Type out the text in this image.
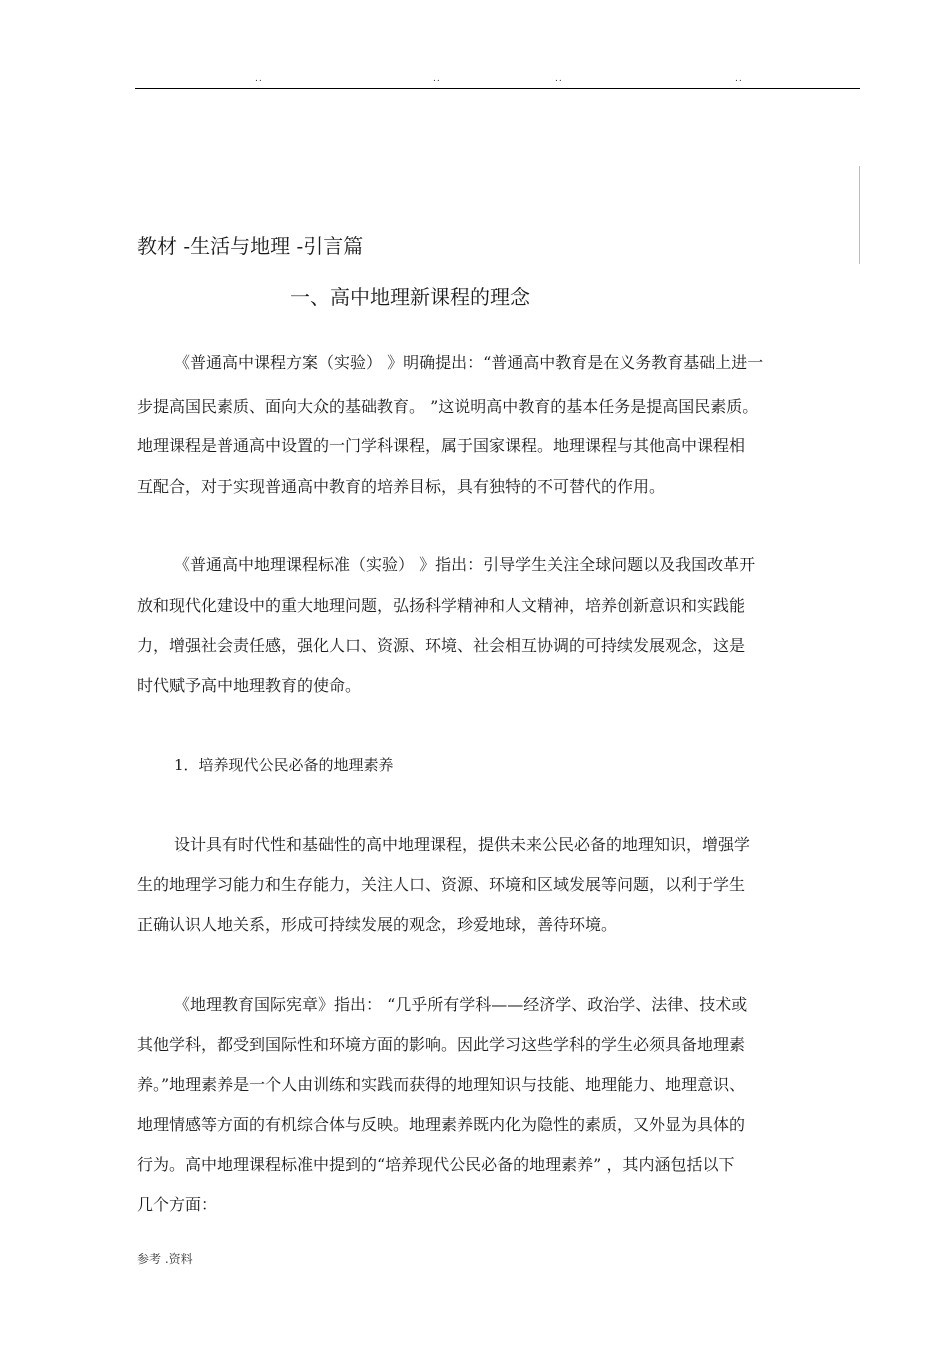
..	..	..	..
教材 -生活与地理 -引言篇
一、高中地理新课程的理念
《普通高中课程方案（实验） 》明确提出：“普通高中教育是在义务教育基础上进一
步提高国民素质、面向大众的基础教育。 ”这说明高中教育的基本任务是提高国民素质。
地理课程是普通高中设置的一门学科课程，属于国家课程。地理课程与其他高中课程相
互配合，对于实现普通高中教育的培养目标，具有独特的不可替代的作用。
《普通高中地理课程标准（实验） 》指出：引导学生关注全球问题以及我国改革开
放和现代化建设中的重大地理问题，弘扬科学精神和人文精神，培养创新意识和实践能
力，增强社会责任感，强化人口、资源、环境、社会相互协调的可持续发展观念，这是
时代赋予高中地理教育的使命。
1．培养现代公民必备的地理素养
设计具有时代性和基础性的高中地理课程，提供未来公民必备的地理知识，增强学
生的地理学习能力和生存能力，关注人口、资源、环境和区域发展等问题，以利于学生
正确认识人地关系，形成可持续发展的观念，珍爱地球，善待环境。
《地理教育国际宪章》指出： “几乎所有学科——经济学、政治学、法律、技术或
其他学科，都受到国际性和环境方面的影响。因此学习这些学科的学生必须具备地理素
养。”地理素养是一个人由训练和实践而获得的地理知识与技能、地理能力、地理意识、
地理情感等方面的有机综合体与反映。地理素养既内化为隐性的素质，又外显为具体的
行为。高中地理课程标准中提到的“培养现代公民必备的地理素养” ，其内涵包括以下
几个方面：
参考 .资料
